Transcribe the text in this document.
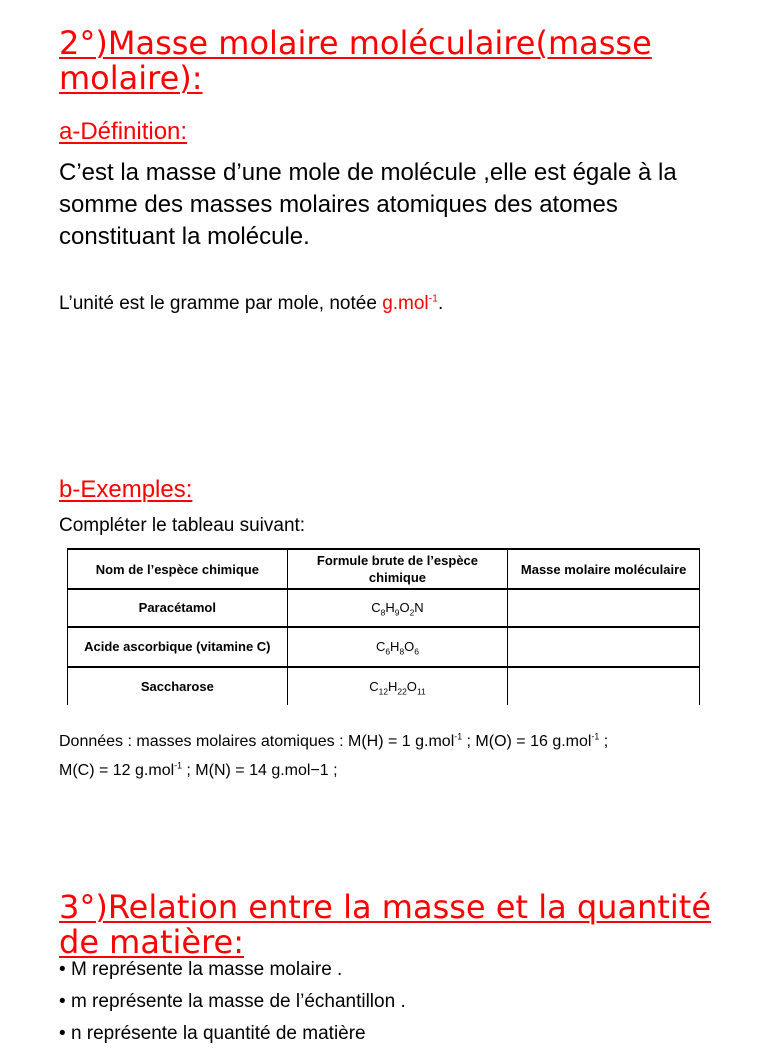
2°)Masse molaire moléculaire(masse molaire):
a-Définition:
C’est la masse d’une mole de molécule ,elle est égale à la somme des masses molaires atomiques des atomes constituant la molécule.
L’unité est le gramme par mole, notée g.mol$^{-1}$.
b-Exemples:
Compléter le tableau suivant:
Nom de l’espèce chimique	Formule brute de l’espèce chimique	Masse molaire moléculaire
Paracétamol	$C_8H_9O_2N$	
Acide ascorbique (vitamine C)	$C_6H_8O_6$	
Saccharose	$C_{12}H_{22}O_{11}$	
Données : masses molaires atomiques : M(H) = 1 g.mol$^{-1}$ ; M(O) = 16 g.mol$^{-1}$ ;
M(C) = 12 g.mol$^{-1}$ ; M(N) = 14 g.mol−1 ;
3°)Relation entre la masse et la quantité de matière:
• M représente la masse molaire .
• m représente la masse de l’échantillon .
• n représente la quantité de matière
